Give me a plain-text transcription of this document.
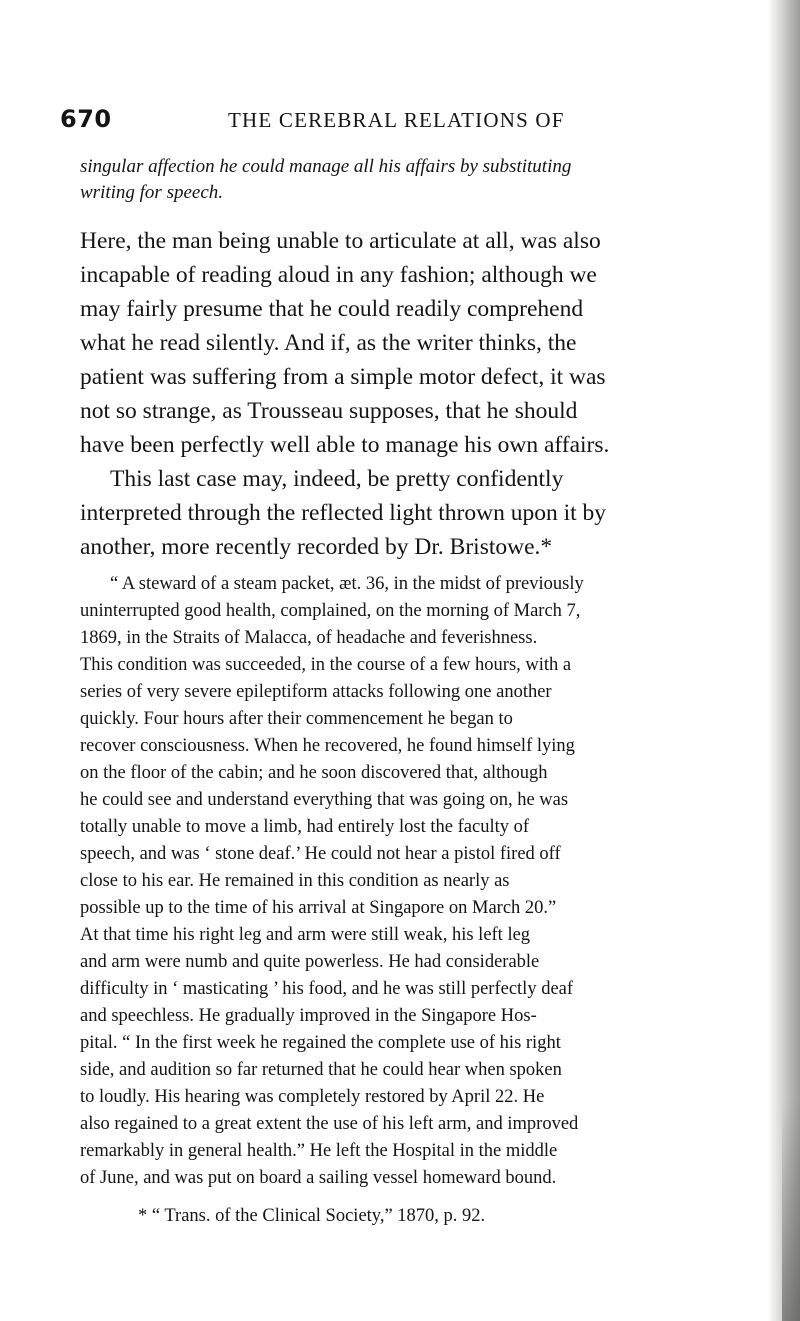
670	THE CEREBRAL RELATIONS OF
singular affection he could manage all his affairs by substituting
writing for speech.
Here, the man being unable to articulate at all, was also
incapable of reading aloud in any fashion; although we
may fairly presume that he could readily comprehend
what he read silently. And if, as the writer thinks, the
patient was suffering from a simple motor defect, it was
not so strange, as Trousseau supposes, that he should
have been perfectly well able to manage his own affairs.
This last case may, indeed, be pretty confidently
interpreted through the reflected light thrown upon it by
another, more recently recorded by Dr. Bristowe.*
“ A steward of a steam packet, æt. 36, in the midst of previously
uninterrupted good health, complained, on the morning of March 7,
1869, in the Straits of Malacca, of headache and feverishness.
This condition was succeeded, in the course of a few hours, with a
series of very severe epileptiform attacks following one another
quickly. Four hours after their commencement he began to
recover consciousness. When he recovered, he found himself lying
on the floor of the cabin; and he soon discovered that, although
he could see and understand everything that was going on, he was
totally unable to move a limb, had entirely lost the faculty of
speech, and was ‘ stone deaf.’ He could not hear a pistol fired off
close to his ear. He remained in this condition as nearly as
possible up to the time of his arrival at Singapore on March 20.”
At that time his right leg and arm were still weak, his left leg
and arm were numb and quite powerless. He had considerable
difficulty in ‘ masticating ’ his food, and he was still perfectly deaf
and speechless. He gradually improved in the Singapore Hos-
pital. “ In the first week he regained the complete use of his right
side, and audition so far returned that he could hear when spoken
to loudly. His hearing was completely restored by April 22. He
also regained to a great extent the use of his left arm, and improved
remarkably in general health.” He left the Hospital in the middle
of June, and was put on board a sailing vessel homeward bound.
* “ Trans. of the Clinical Society,” 1870, p. 92.
